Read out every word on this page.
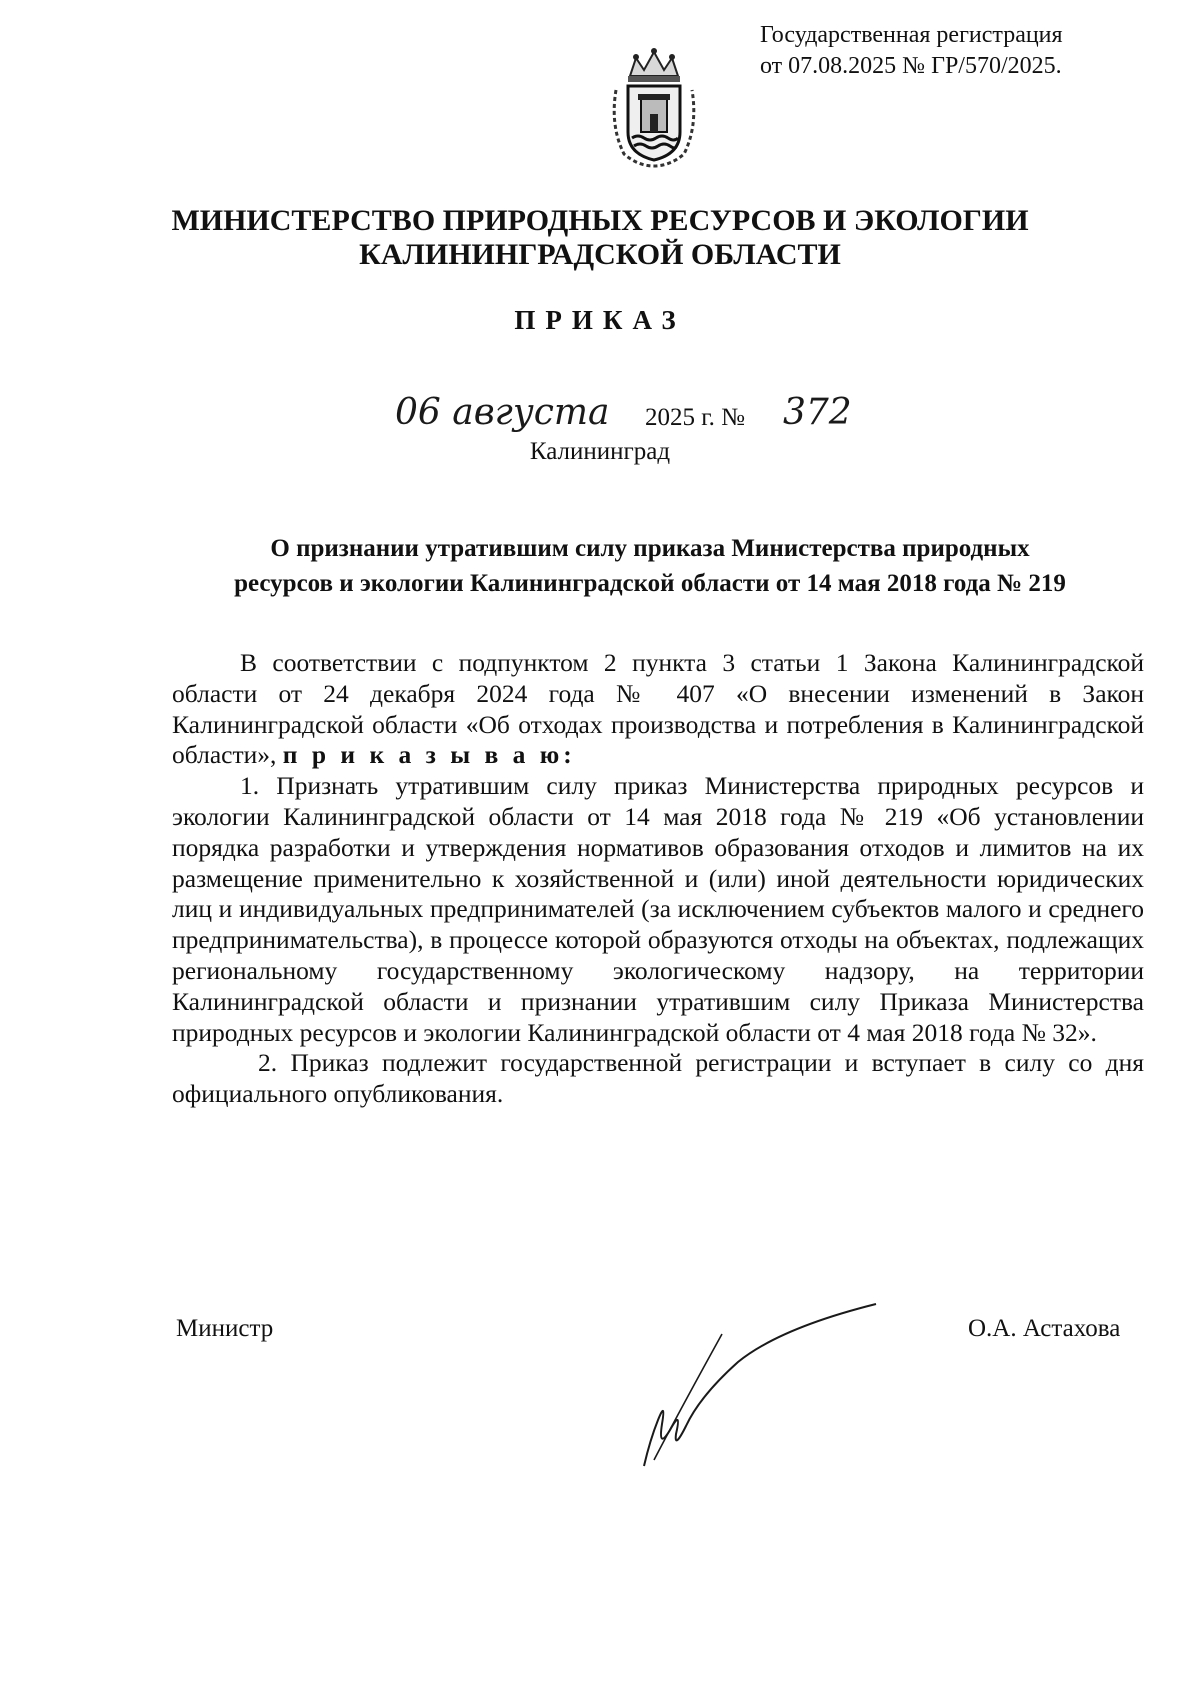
Государственная регистрация
от 07.08.2025 № ГР/570/2025.
МИНИСТЕРСТВО ПРИРОДНЫХ РЕСУРСОВ И ЭКОЛОГИИ
КАЛИНИНГРАДСКОЙ ОБЛАСТИ
ПРИКАЗ
06 августа 2025 г. № 372
Калининград
О признании утратившим силу приказа Министерства природных
ресурсов и экологии Калининградской области от 14 мая 2018 года № 219

В соответствии с подпунктом 2 пункта 3 статьи 1 Закона Калининградской области от 24 декабря 2024 года № 407 «О внесении изменений в Закон Калининградской области «Об отходах производства и потребления в Калининградской области», п р и к а з ы в а ю:

1. Признать утратившим силу приказ Министерства природных ресурсов и экологии Калининградской области от 14 мая 2018 года № 219 «Об установлении порядка разработки и утверждения нормативов образования отходов и лимитов на их размещение применительно к хозяйственной и (или) иной деятельности юридических лиц и индивидуальных предпринимателей (за исключением субъектов малого и среднего предпринимательства), в процессе которой образуются отходы на объектах, подлежащих региональному государственному экологическому надзору, на территории Калининградской области и признании утратившим силу Приказа Министерства природных ресурсов и экологии Калининградской области от 4 мая 2018 года № 32».

2. Приказ подлежит государственной регистрации и вступает в силу со дня официального опубликования.

Министр	О.А. Астахова
